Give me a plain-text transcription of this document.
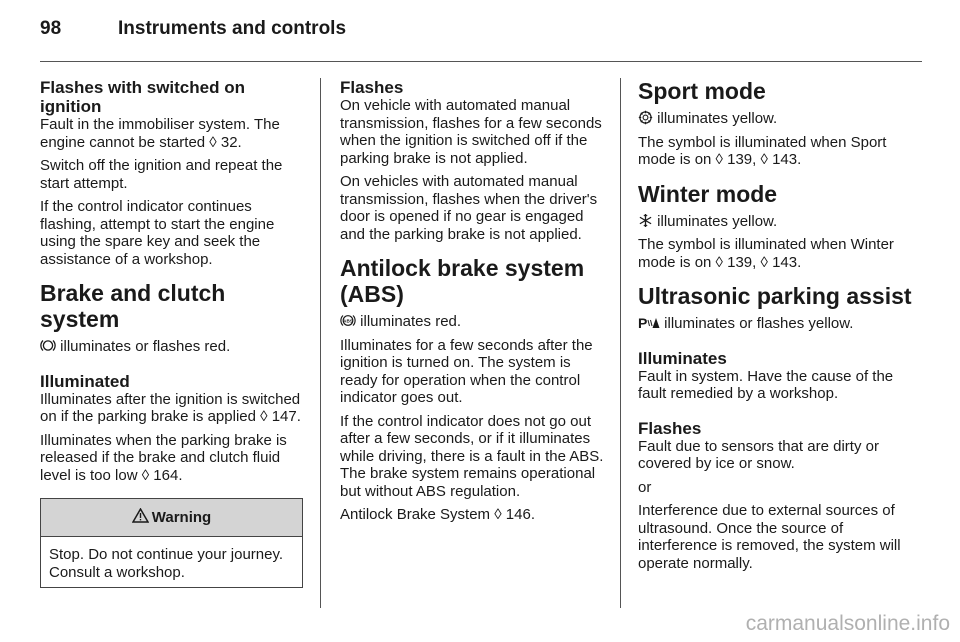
98	Instruments and controls
Flashes with switched on ignition

Fault in the immobiliser system. The engine cannot be started ◊ 32.

Switch off the ignition and repeat the start attempt.

If the control indicator continues flashing, attempt to start the engine using the spare key and seek the assistance of a workshop.

Brake and clutch system

illuminates or flashes red.

Illuminated

Illuminates after the ignition is switched on if the parking brake is applied ◊ 147.

Illuminates when the parking brake is released if the brake and clutch fluid level is too low ◊ 164.

Warning

Stop. Do not continue your journey. Consult a workshop.

Flashes

On vehicle with automated manual transmission, flashes for a few seconds when the ignition is switched off if the parking brake is not applied.

On vehicles with automated manual transmission, flashes when the driver's door is opened if no gear is engaged and the parking brake is not applied.

Antilock brake system (ABS)

ABS illuminates red.

Illuminates for a few seconds after the ignition is turned on. The system is ready for operation when the control indicator goes out.

If the control indicator does not go out after a few seconds, or if it illuminates while driving, there is a fault in the ABS. The brake system remains operational but without ABS regulation.

Antilock Brake System ◊ 146.

Sport mode

illuminates yellow.

The symbol is illuminated when Sport mode is on ◊ 139, ◊ 143.

Winter mode

illuminates yellow.

The symbol is illuminated when Winter mode is on ◊ 139, ◊ 143.

Ultrasonic parking assist

P illuminates or flashes yellow.

Illuminates

Fault in system. Have the cause of the fault remedied by a workshop.

Flashes

Fault due to sensors that are dirty or covered by ice or snow.

or

Interference due to external sources of ultrasound. Once the source of interference is removed, the system will operate normally.

carmanualsonline.info
